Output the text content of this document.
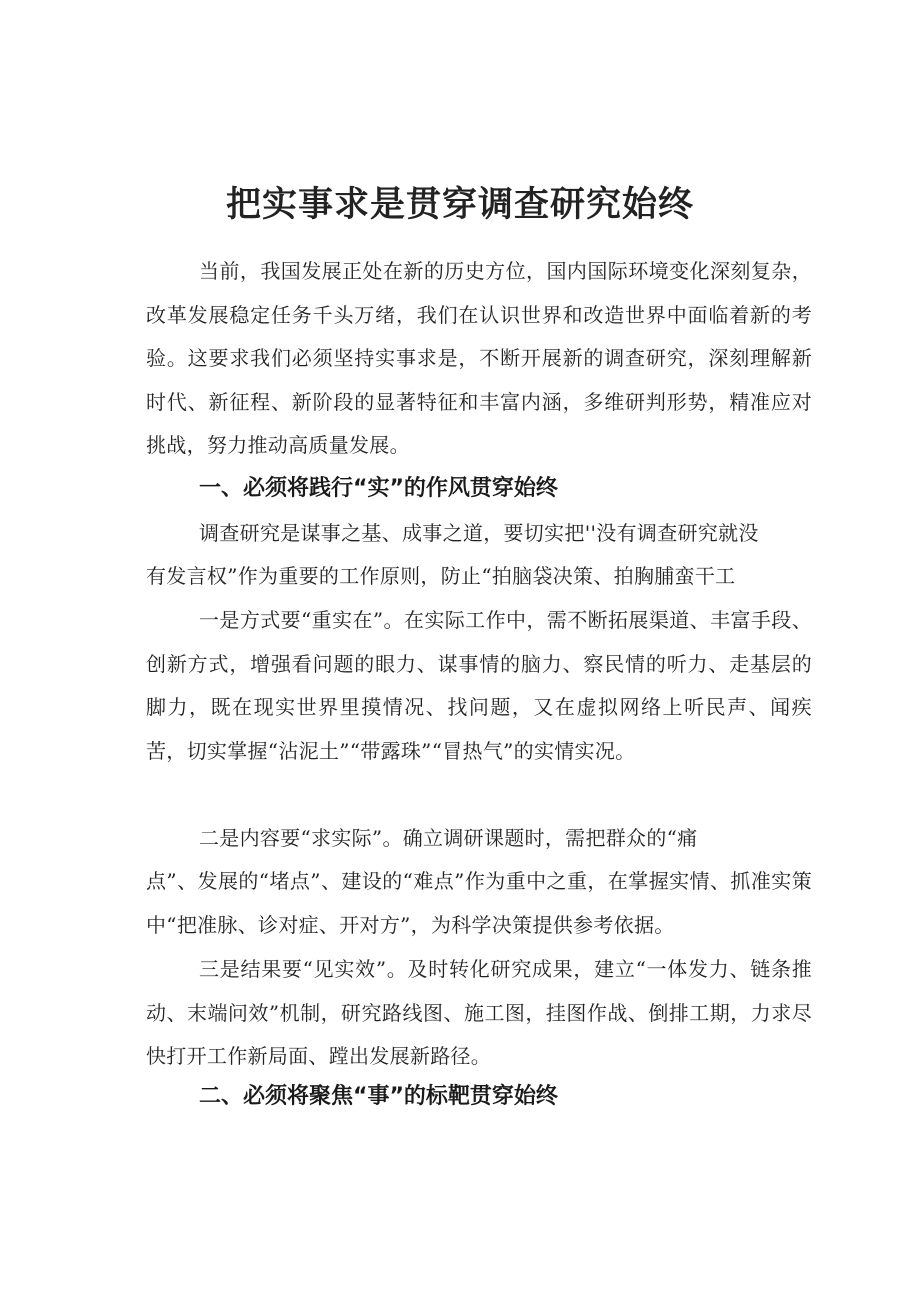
把实事求是贯穿调查研究始终

当前，我国发展正处在新的历史方位，国内国际环境变化深刻复杂，改革发展稳定任务千头万绪，我们在认识世界和改造世界中面临着新的考验。这要求我们必须坚持实事求是，不断开展新的调查研究，深刻理解新时代、新征程、新阶段的显著特征和丰富内涵，多维研判形势，精准应对挑战，努力推动高质量发展。

一、必须将践行“实”的作风贯穿始终

调查研究是谋事之基、成事之道，要切实把''没有调查研究就没

有发言权”作为重要的工作原则，防止“拍脑袋决策、拍胸脯蛮干工

一是方式要“重实在”。在实际工作中，需不断拓展渠道、丰富手段、创新方式，增强看问题的眼力、谋事情的脑力、察民情的听力、走基层的脚力，既在现实世界里摸情况、找问题，又在虚拟网络上听民声、闻疾苦，切实掌握“沾泥土”“带露珠”“冒热气”的实情实况。

二是内容要“求实际”。确立调研课题时，需把群众的“痛

点”、发展的“堵点”、建设的“难点”作为重中之重，在掌握实情、抓准实策中“把准脉、诊对症、开对方”，为科学决策提供参考依据。

三是结果要“见实效”。及时转化研究成果，建立“一体发力、链条推动、末端问效”机制，研究路线图、施工图，挂图作战、倒排工期，力求尽快打开工作新局面、蹚出发展新路径。

二、必须将聚焦“事”的标靶贯穿始终
